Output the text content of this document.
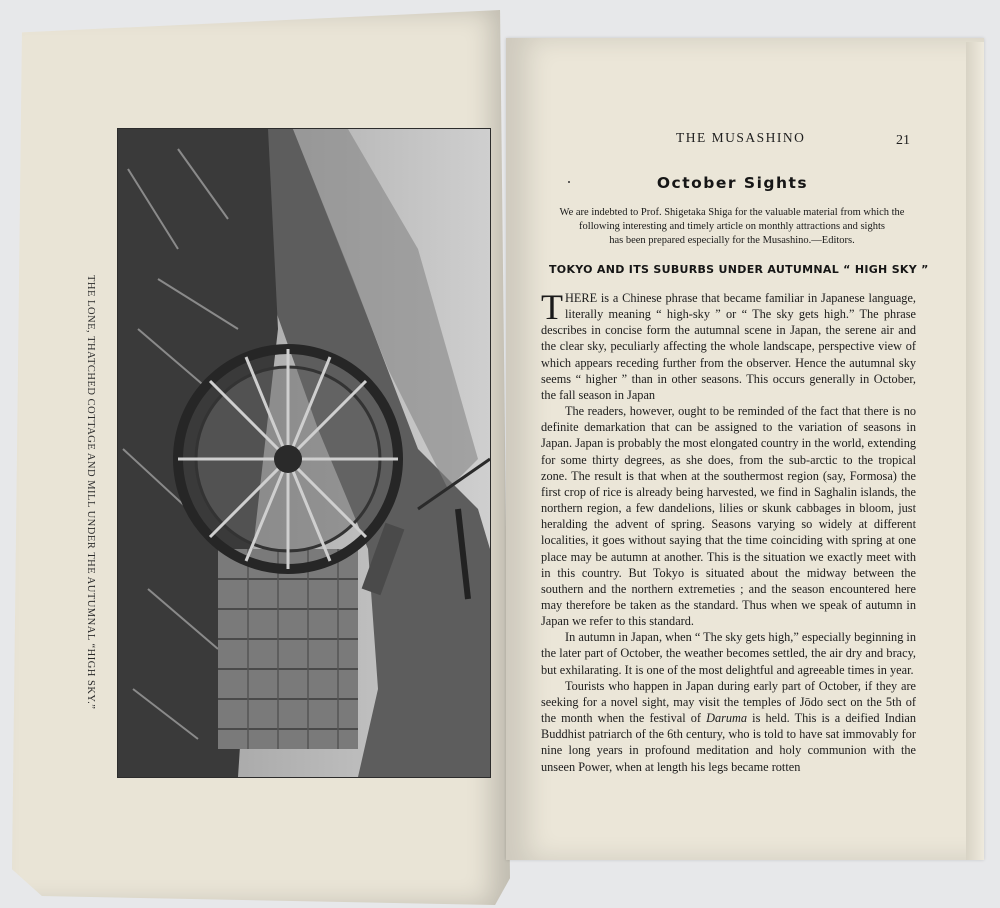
THE LONE, THATCHED COTTAGE AND MILL UNDER THE AUTUMNAL “HIGH SKY.”
THE MUSASHINO	21
October Sights
We are indebted to Prof. Shigetaka Shiga for the valuable material from which the
following interesting and timely article on monthly attractions and sights
has been prepared especially for the Musashino.—Editors.
TOKYO AND ITS SUBURBS UNDER AUTUMNAL “ HIGH SKY ”

THERE is a Chinese phrase that became familiar in Japanese language, literally meaning “ high-sky ” or “ The sky gets high.” The phrase describes in concise form the autumnal scene in Japan, the serene air and the clear sky, peculiarly affecting the whole landscape, perspective view of which appears receding further from the observer. Hence the autumnal sky seems “ higher ” than in other seasons. This occurs generally in October, the fall season in Japan

The readers, however, ought to be reminded of the fact that there is no definite demarkation that can be assigned to the variation of seasons in Japan. Japan is probably the most elongated country in the world, extending for some thirty degrees, as she does, from the sub-arctic to the tropical zone. The result is that when at the southermost region (say, Formosa) the first crop of rice is already being harvested, we find in Saghalin islands, the northern region, a few dandelions, lilies or skunk cabbages in bloom, just heralding the advent of spring. Seasons varying so widely at different localities, it goes without saying that the time coinciding with spring at one place may be autumn at another. This is the situation we exactly meet with in this country. But Tokyo is situated about the midway between the southern and the northern extremeties ; and the season encountered here may therefore be taken as the standard. Thus when we speak of autumn in Japan we refer to this standard.

In autumn in Japan, when “ The sky gets high,” especially beginning in the later part of October, the weather becomes settled, the air dry and bracy, but exhilarating. It is one of the most delightful and agreeable times in year.

Tourists who happen in Japan during early part of October, if they are seeking for a novel sight, may visit the temples of Jōdo sect on the 5th of the month when the festival of Daruma is held. This is a deified Indian Buddhist patriarch of the 6th century, who is told to have sat immovably for nine long years in profound meditation and holy communion with the unseen Power, when at length his legs became rotten
